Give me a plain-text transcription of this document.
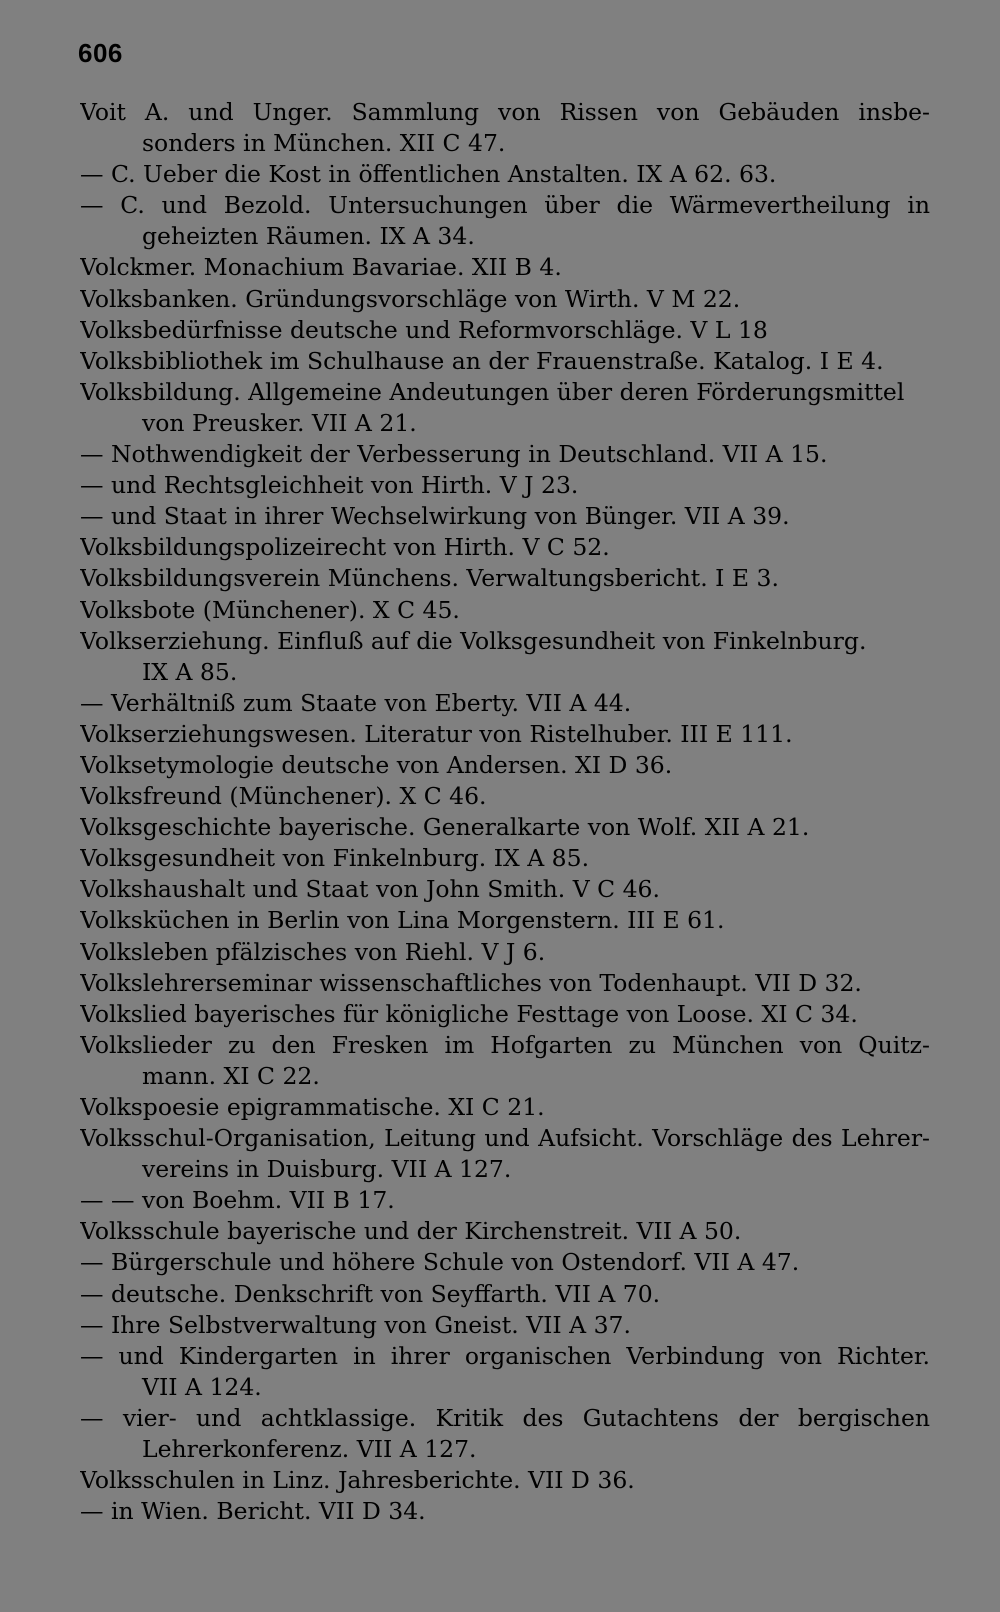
606
Voit A. und Unger. Sammlung von Rissen von Gebäuden insbe-
sonders in München. XII C 47.
— C. Ueber die Kost in öffentlichen Anstalten. IX A 62. 63.
— C. und Bezold. Untersuchungen über die Wärmevertheilung in
geheizten Räumen. IX A 34.
Volckmer. Monachium Bavariae. XII B 4.
Volksbanken. Gründungsvorschläge von Wirth. V M 22.
Volksbedürfnisse deutsche und Reformvorschläge. V L 18
Volksbibliothek im Schulhause an der Frauenstraße. Katalog. I E 4.
Volksbildung. Allgemeine Andeutungen über deren Förderungsmittel
von Preusker. VII A 21.
— Nothwendigkeit der Verbesserung in Deutschland. VII A 15.
— und Rechtsgleichheit von Hirth. V J 23.
— und Staat in ihrer Wechselwirkung von Bünger. VII A 39.
Volksbildungspolizeirecht von Hirth. V C 52.
Volksbildungsverein Münchens. Verwaltungsbericht. I E 3.
Volksbote (Münchener). X C 45.
Volkserziehung. Einfluß auf die Volksgesundheit von Finkelnburg.
IX A 85.
— Verhältniß zum Staate von Eberty. VII A 44.
Volkserziehungswesen. Literatur von Ristelhuber. III E 111.
Volksetymologie deutsche von Andersen. XI D 36.
Volksfreund (Münchener). X C 46.
Volksgeschichte bayerische. Generalkarte von Wolf. XII A 21.
Volksgesundheit von Finkelnburg. IX A 85.
Volkshaushalt und Staat von John Smith. V C 46.
Volksküchen in Berlin von Lina Morgenstern. III E 61.
Volksleben pfälzisches von Riehl. V J 6.
Volkslehrerseminar wissenschaftliches von Todenhaupt. VII D 32.
Volkslied bayerisches für königliche Festtage von Loose. XI C 34.
Volkslieder zu den Fresken im Hofgarten zu München von Quitz-
mann. XI C 22.
Volkspoesie epigrammatische. XI C 21.
Volksschul-Organisation, Leitung und Aufsicht. Vorschläge des Lehrer-
vereins in Duisburg. VII A 127.
— — von Boehm. VII B 17.
Volksschule bayerische und der Kirchenstreit. VII A 50.
— Bürgerschule und höhere Schule von Ostendorf. VII A 47.
— deutsche. Denkschrift von Seyffarth. VII A 70.
— Ihre Selbstverwaltung von Gneist. VII A 37.
— und Kindergarten in ihrer organischen Verbindung von Richter.
VII A 124.
— vier- und achtklassige. Kritik des Gutachtens der bergischen
Lehrerkonferenz. VII A 127.
Volksschulen in Linz. Jahresberichte. VII D 36.
— in Wien. Bericht. VII D 34.
